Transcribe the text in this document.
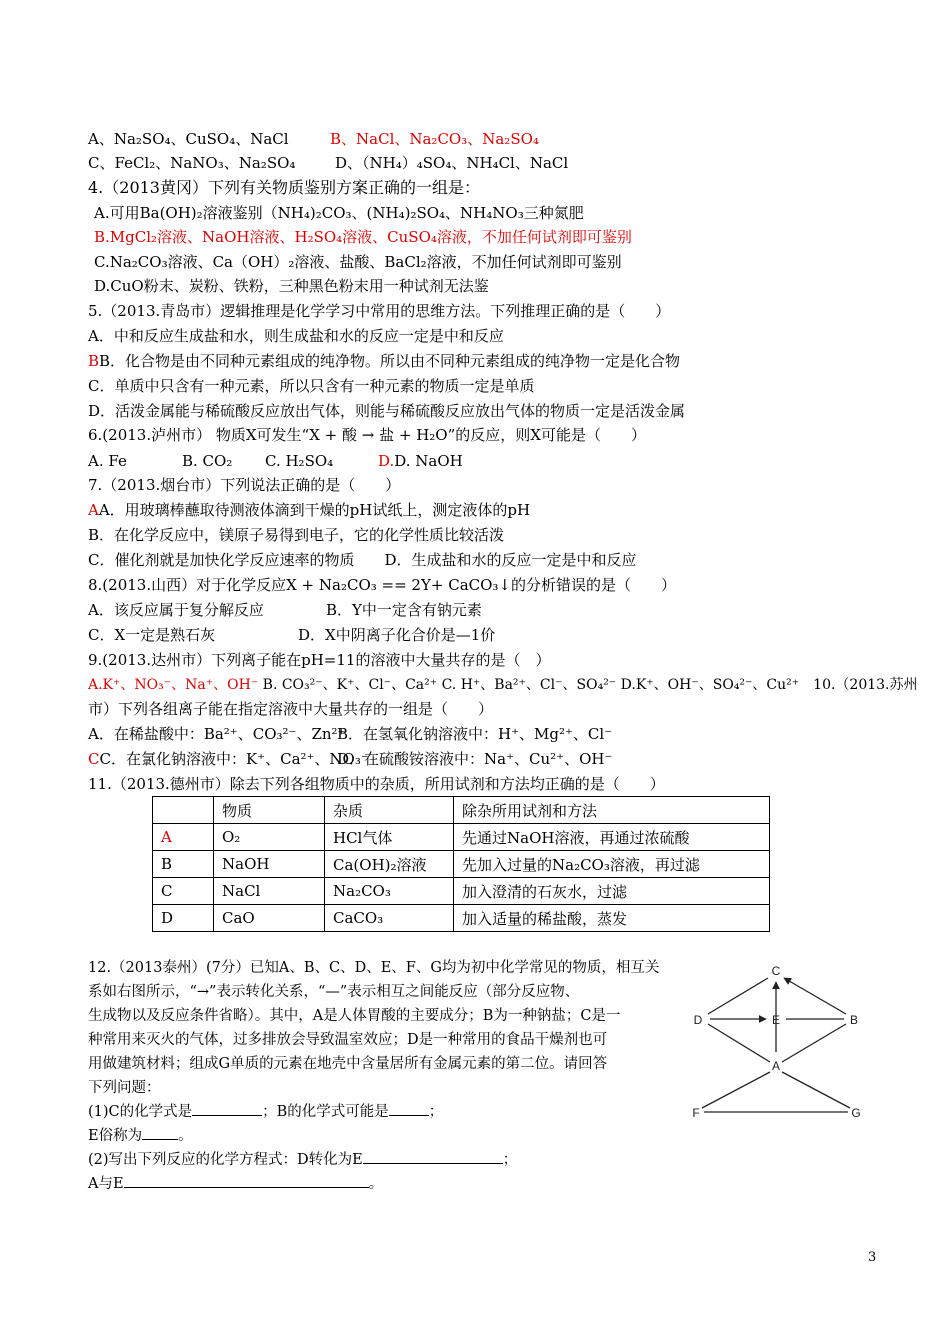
A、Na₂SO₄、CuSO₄、NaCl	B、NaCl、Na₂CO₃、Na₂SO₄
C、FeCl₂、NaNO₃、Na₂SO₄	D、（NH₄）₄SO₄、NH₄Cl、NaCl
4.（2013黄冈）下列有关物质鉴别方案正确的一组是：
A.可用Ba(OH)₂溶液鉴别（NH₄)₂CO₃、(NH₄)₂SO₄、NH₄NO₃三种氮肥
B.MgCl₂溶液、NaOH溶液、H₂SO₄溶液、CuSO₄溶液，不加任何试剂即可鉴别
C.Na₂CO₃溶液、Ca（OH）₂溶液、盐酸、BaCl₂溶液，不加任何试剂即可鉴别
D.CuO粉末、炭粉、铁粉，三种黑色粉末用一种试剂无法鉴
5.（2013.青岛市）逻辑推理是化学学习中常用的思维方法。下列推理正确的是（　　）
A．中和反应生成盐和水，则生成盐和水的反应一定是中和反应
BB．化合物是由不同种元素组成的纯净物。所以由不同种元素组成的纯净物一定是化合物
C．单质中只含有一种元素，所以只含有一种元素的物质一定是单质
D．活泼金属能与稀硫酸反应放出气体，则能与稀硫酸反应放出气体的物质一定是活泼金属
6.(2013.泸州市） 物质X可发生“X + 酸 → 盐 + H₂O”的反应，则X可能是（　　）
A. Fe	B. CO₂ C. H₂SO₄	D.D. NaOH
7.（2013.烟台市）下列说法正确的是（　　）
AA．用玻璃棒蘸取待测液体滴到干燥的pH试纸上，测定液体的pH
B．在化学反应中，镁原子易得到电子，它的化学性质比较活泼
C．催化剂就是加快化学反应速率的物质　　D．生成盐和水的反应一定是中和反应
8.(2013.山西）对于化学反应X + Na₂CO₃ == 2Y+ CaCO₃↓的分析错误的是（　　）
A．该反应属于复分解反应	B．Y中一定含有钠元素
C．X一定是熟石灰	D．X中阴离子化合价是—1价
9.(2013.达州市）下列离子能在pH=11的溶液中大量共存的是（　）
A.K⁺、NO₃⁻、Na⁺、OH⁻ B. CO₃²⁻、K⁺、Cl⁻、Ca²⁺ C. H⁺、Ba²⁺、Cl⁻、SO₄²⁻ D.K⁺、OH⁻、SO₄²⁻、Cu²⁺　10.（2013.苏州
市）下列各组离子能在指定溶液中大量共存的一组是（　　）
A．在稀盐酸中：Ba²⁺、CO₃²⁻、Zn²⁺
B．在氢氧化钠溶液中：H⁺、Mg²⁺、Cl⁻
CC．在氯化钠溶液中：K⁺、Ca²⁺、NO₃⁻
D．在硫酸铵溶液中：Na⁺、Cu²⁺、OH⁻
11.（2013.德州市）除去下列各组物质中的杂质，所用试剂和方法均正确的是（　　）
	物质	杂质	除杂所用试剂和方法
A	O₂	HCl气体	先通过NaOH溶液，再通过浓硫酸
B	NaOH	Ca(OH)₂溶液	先加入过量的Na₂CO₃溶液，再过滤
C	NaCl	Na₂CO₃	加入澄清的石灰水，过滤
D	CaO	CaCO₃	加入适量的稀盐酸，蒸发
12.（2013泰州）(7分）已知A、B、C、D、E、F、G均为初中化学常见的物质，相互关
系如右图所示，“→”表示转化关系，“—”表示相互之间能反应（部分反应物、
生成物以及反应条件省略）。其中，A是人体胃酸的主要成分；B为一种钠盐；C是一
种常用来灭火的气体，过多排放会导致温室效应；D是一种常用的食品干燥剂也可
用做建筑材料；组成G单质的元素在地壳中含量居所有金属元素的第二位。请回答
下列问题：
(1)C的化学式是	；B的化学式可能是	；
E俗称为 。
(2)写出下列反应的化学方程式：D转化为E	；
A与E	。
C
D	E	B
A
F	G
3
